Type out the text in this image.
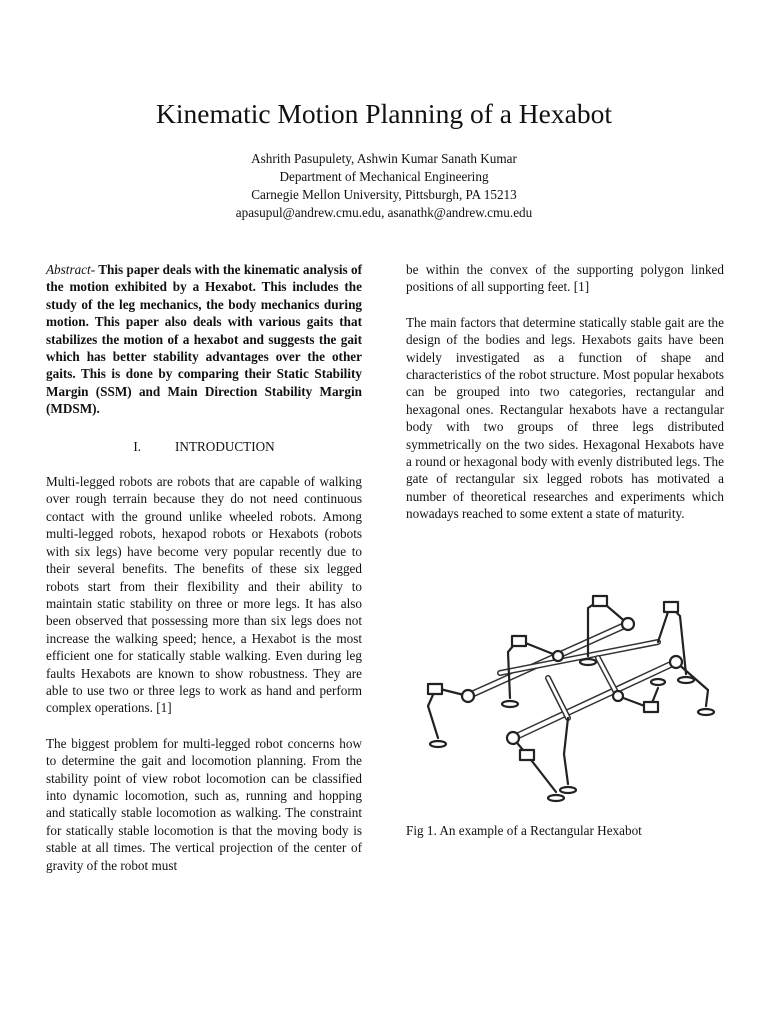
Kinematic Motion Planning of a Hexabot
Ashrith Pasupulety, Ashwin Kumar Sanath Kumar
Department of Mechanical Engineering
Carnegie Mellon University, Pittsburgh, PA 15213
apasupul@andrew.cmu.edu, asanathk@andrew.cmu.edu

Abstract- This paper deals with the kinematic analysis of the motion exhibited by a Hexabot. This includes the study of the leg mechanics, the body mechanics during motion. This paper also deals with various gaits that stabilizes the motion of a hexabot and suggests the gait which has better stability advantages over the other gaits. This is done by comparing their Static Stability Margin (SSM) and Main Direction Stability Margin (MDSM).

I.	INTRODUCTION

Multi-legged robots are robots that are capable of walking over rough terrain because they do not need continuous contact with the ground unlike wheeled robots. Among multi-legged robots, hexapod robots or Hexabots (robots with six legs) have become very popular recently due to their several benefits. The benefits of these six legged robots start from their flexibility and their ability to maintain static stability on three or more legs. It has also been observed that possessing more than six legs does not increase the walking speed; hence, a Hexabot is the most efficient one for statically stable walking. Even during leg faults Hexabots are known to show robustness. They are able to use two or three legs to work as hand and perform complex operations. [1]

The biggest problem for multi-legged robot concerns how to determine the gait and locomotion planning. From the stability point of view robot locomotion can be classified into dynamic locomotion, such as, running and hopping and statically stable locomotion as walking. The constraint for statically stable locomotion is that the moving body is stable at all times. The vertical projection of the center of gravity of the robot must

be within the convex of the supporting polygon linked positions of all supporting feet. [1]

The main factors that determine statically stable gait are the design of the bodies and legs. Hexabots gaits have been widely investigated as a function of shape and characteristics of the robot structure. Most popular hexabots can be grouped into two categories, rectangular and hexagonal ones. Rectangular hexabots have a rectangular body with two groups of three legs distributed symmetrically on the two sides. Hexagonal Hexabots have a round or hexagonal body with evenly distributed legs. The gate of rectangular six legged robots has motivated a number of theoretical researches and experiments which nowadays reached to some extent a state of maturity.

Fig 1. An example of a Rectangular Hexabot
